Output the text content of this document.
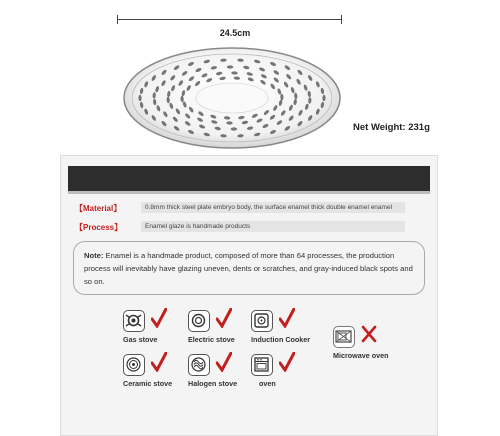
24.5cm
Net Weight: 231g
【Material】	0.8mm thick steel plate embryo body, the surface enamel thick double enamel enamel
【Process】	Enamel glaze is handmade products
Note: Enamel is a handmade product, composed of more than 64 processes, the production process will inevitably have glazing uneven, dents or scratches, and gray-induced black spots and so on.

Gas stove
	Electric stove
	Induction Cooker

Microwave oven

Ceramic stove
	Halogen stove
	oven
